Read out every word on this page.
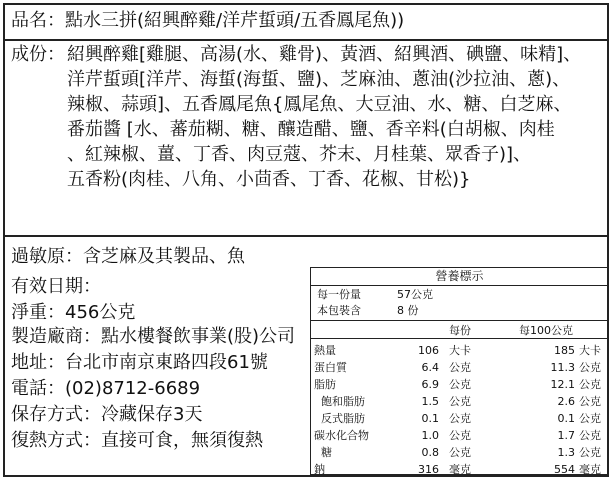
品名：點水三拼(紹興醉雞/洋芹蜇頭/五香鳳尾魚))
成份： 紹興醉雞[雞腿、高湯(水、雞骨)、黃酒、紹興酒、碘鹽、味精]、
洋芹蜇頭[洋芹、海蜇(海蜇、鹽)、芝麻油、蔥油(沙拉油、蔥)、
辣椒、蒜頭]、五香鳳尾魚{鳳尾魚、大豆油、水、糖、白芝麻、
番茄醬 [水、蕃茄糊、糖、釀造醋、鹽、香辛料(白胡椒、肉桂
、紅辣椒、薑、丁香、肉豆蔻、芥末、月桂葉、眾香子)]、
五香粉(肉桂、八角、小茴香、丁香、花椒、甘松)}
過敏原：含芝麻及其製品、魚
有效日期：
淨重：456公克
製造廠商：點水樓餐飲事業(股)公司
地址：台北市南京東路四段61號
電話：(02)8712-6689
保存方式：冷藏保存3天
復熱方式：直接可食，無須復熱
營養標示
每一份量	57公克
本包裝含	8 份
每份	每100公克
熱量	106 大卡	185 大卡
蛋白質	6.4 公克	11.3 公克
脂肪	6.9 公克	12.1 公克
飽和脂肪	1.5 公克	2.6 公克
反式脂肪	0.1 公克	0.1 公克
碳水化合物	1.0 公克	1.7 公克
糖	0.8 公克	1.3 公克
鈉	316 毫克	554 毫克
